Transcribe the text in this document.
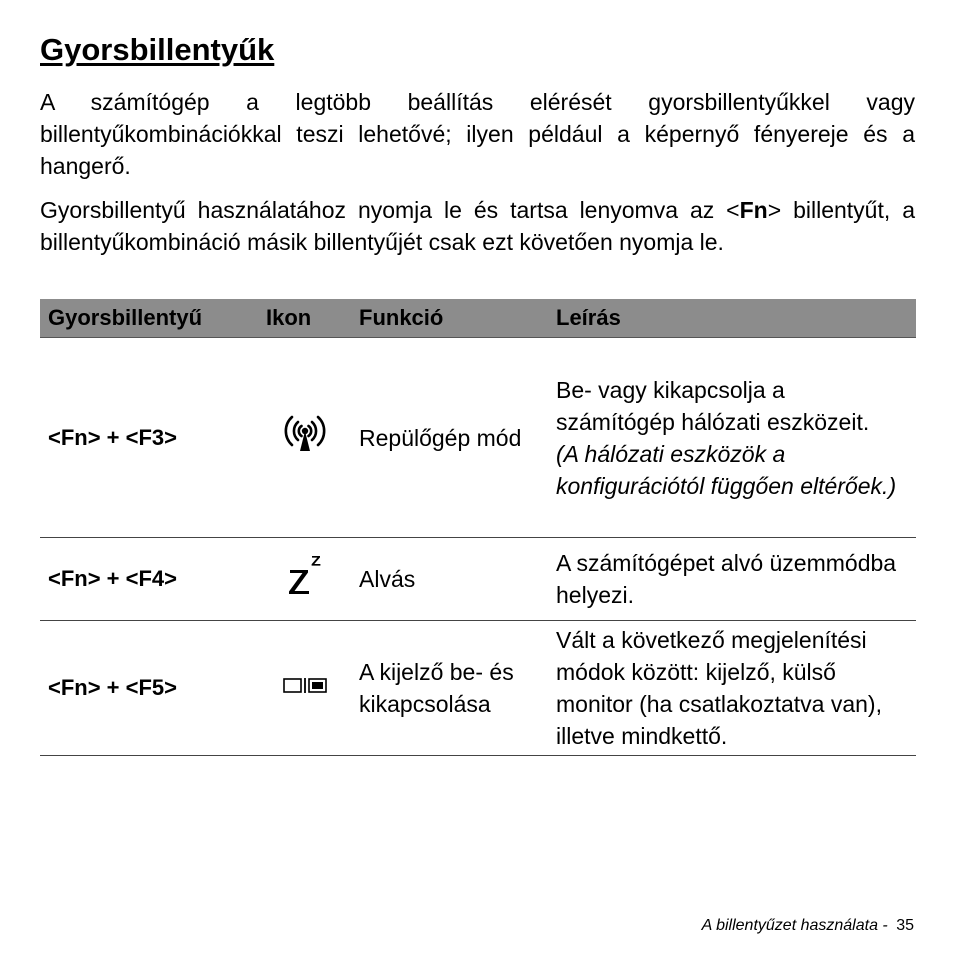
Gyorsbillentyűk

A számítógép a legtöbb beállítás elérését gyorsbillentyűkkel vagy billentyűkombinációkkal teszi lehetővé; ilyen például a képernyő fényereje és a hangerő.

Gyorsbillentyű használatához nyomja le és tartsa lenyomva az <Fn> billentyűt, a billentyűkombináció másik billentyűjét csak ezt követően nyomja le.

Gyorsbillentyű	Ikon	Funkció	Leírás
<Fn> + <F3>		Repülőgép mód	Be- vagy kikapcsolja a számítógép hálózati eszközeit.
(A hálózati eszközök a konfigurációtól függően eltérőek.)

<Fn> + <F4>		Alvás	A számítógépet alvó üzemmódba helyezi.
<Fn> + <F5>		A kijelző be- és kikapcsolása	Vált a következő megjelenítési módok között: kijelző, külső monitor (ha csatlakoztatva van), illetve mindkettő.
A billentyűzet használata - 35
